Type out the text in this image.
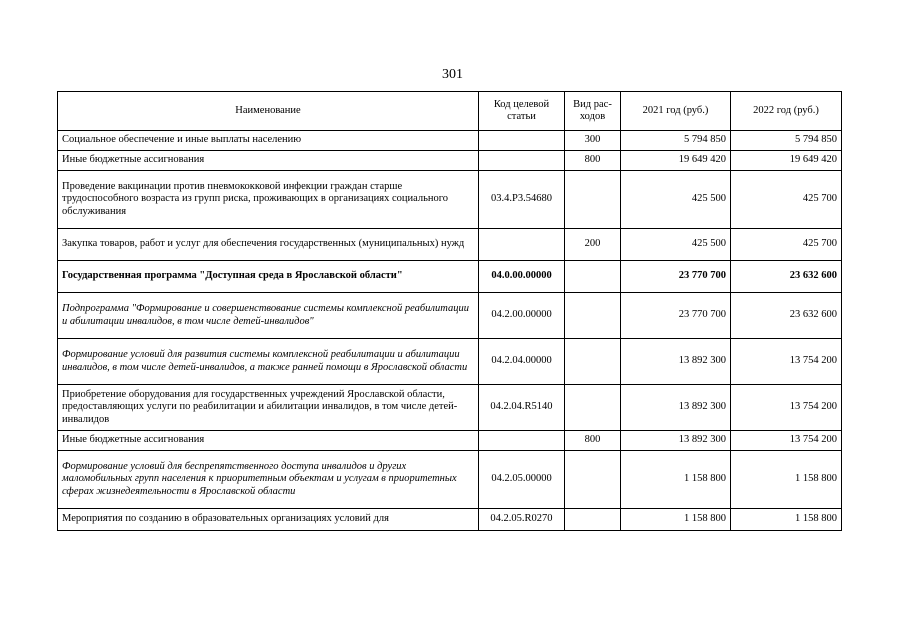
301
Наименование	Код целевой статьи	Вид рас-ходов	2021 год (руб.)	2022 год (руб.)
Социальное обеспечение и иные выплаты населению		300	5 794 850	5 794 850
Иные бюджетные ассигнования		800	19 649 420	19 649 420
Проведение вакцинации против пневмококковой инфекции граждан старше трудоспособного возраста из групп риска, проживающих в организациях социального обслуживания	03.4.P3.54680		425 500	425 700
Закупка товаров, работ и услуг для обеспечения государственных (муниципальных) нужд		200	425 500	425 700
Государственная программа "Доступная среда в Ярославской области"	04.0.00.00000		23 770 700	23 632 600
Подпрограмма "Формирование и совершенствование системы комплексной реабилитации и абилитации инвалидов, в том числе детей-инвалидов"	04.2.00.00000		23 770 700	23 632 600
Формирование условий для развития системы комплексной реабилитации и абилитации инвалидов, в том числе детей-инвалидов, а также ранней помощи в Ярославской области	04.2.04.00000		13 892 300	13 754 200
Приобретение оборудования для государственных учреждений Ярославской области, предоставляющих услуги по реабилитации и абилитации инвалидов, в том числе детей-инвалидов	04.2.04.R5140		13 892 300	13 754 200
Иные бюджетные ассигнования		800	13 892 300	13 754 200
Формирование условий для беспрепятственного доступа инвалидов и других маломобильных групп населения к приоритетным объектам и услугам в приоритетных сферах жизнедеятельности в Ярославской области	04.2.05.00000		1 158 800	1 158 800
Мероприятия по созданию в образовательных организациях условий для	04.2.05.R0270		1 158 800	1 158 800
